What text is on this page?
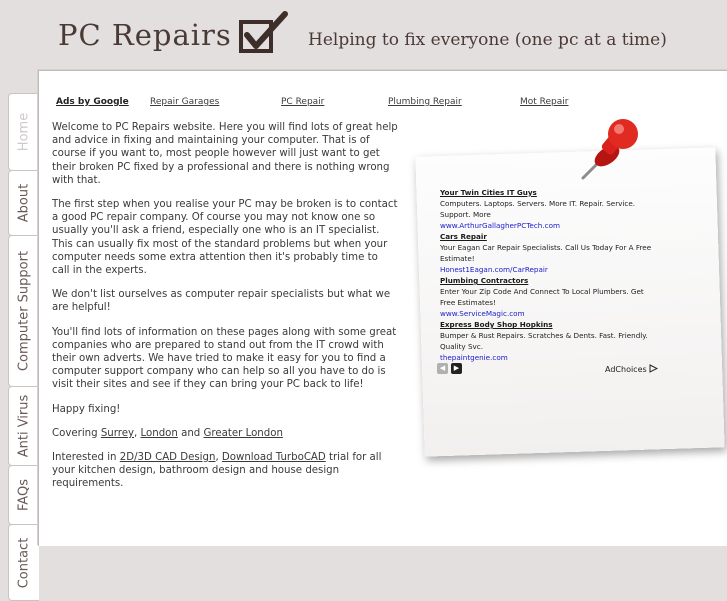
PC Repairs	Helping to fix everyone (one pc at a time)
Home
About
Computer Support
Anti Virus
FAQs
Contact
Ads by Google Repair Garages	PC Repair	Plumbing Repair	Mot Repair

Welcome to PC Repairs website. Here you will find lots of great help and advice in fixing and maintaining your computer. That is of course if you want to, most people however will just want to get their broken PC fixed by a professional and there is nothing wrong with that.

The first step when you realise your PC may be broken is to contact a good PC repair company. Of course you may not know one so usually you'll ask a friend, especially one who is an IT specialist. This can usually fix most of the standard problems but when your computer needs some extra attention then it's probably time to call in the experts.

We don't list ourselves as computer repair specialists but what we are helpful!

You'll find lots of information on these pages along with some great companies who are prepared to stand out from the IT crowd with their own adverts. We have tried to make it easy for you to find a computer support company who can help so all you have to do is visit their sites and see if they can bring your PC back to life!

Happy fixing!

Covering Surrey, London and Greater London

Interested in 2D/3D CAD Design, Download TurboCAD trial for all your kitchen design, bathroom design and house design requirements.

Your Twin Cities IT Guys
Computers. Laptops. Servers. More IT. Repair. Service. Support. More
www.ArthurGallagherPCTech.com
Cars Repair
Your Eagan Car Repair Specialists. Call Us Today For A Free Estimate!
Honest1Eagan.com/CarRepair
Plumbing Contractors
Enter Your Zip Code And Connect To Local Plumbers. Get Free Estimates!
www.ServiceMagic.com
Express Body Shop Hopkins
Bumper & Rust Repairs. Scratches & Dents. Fast. Friendly. Quality Svc.
thepaintgenie.com
◀	▶	AdChoices
